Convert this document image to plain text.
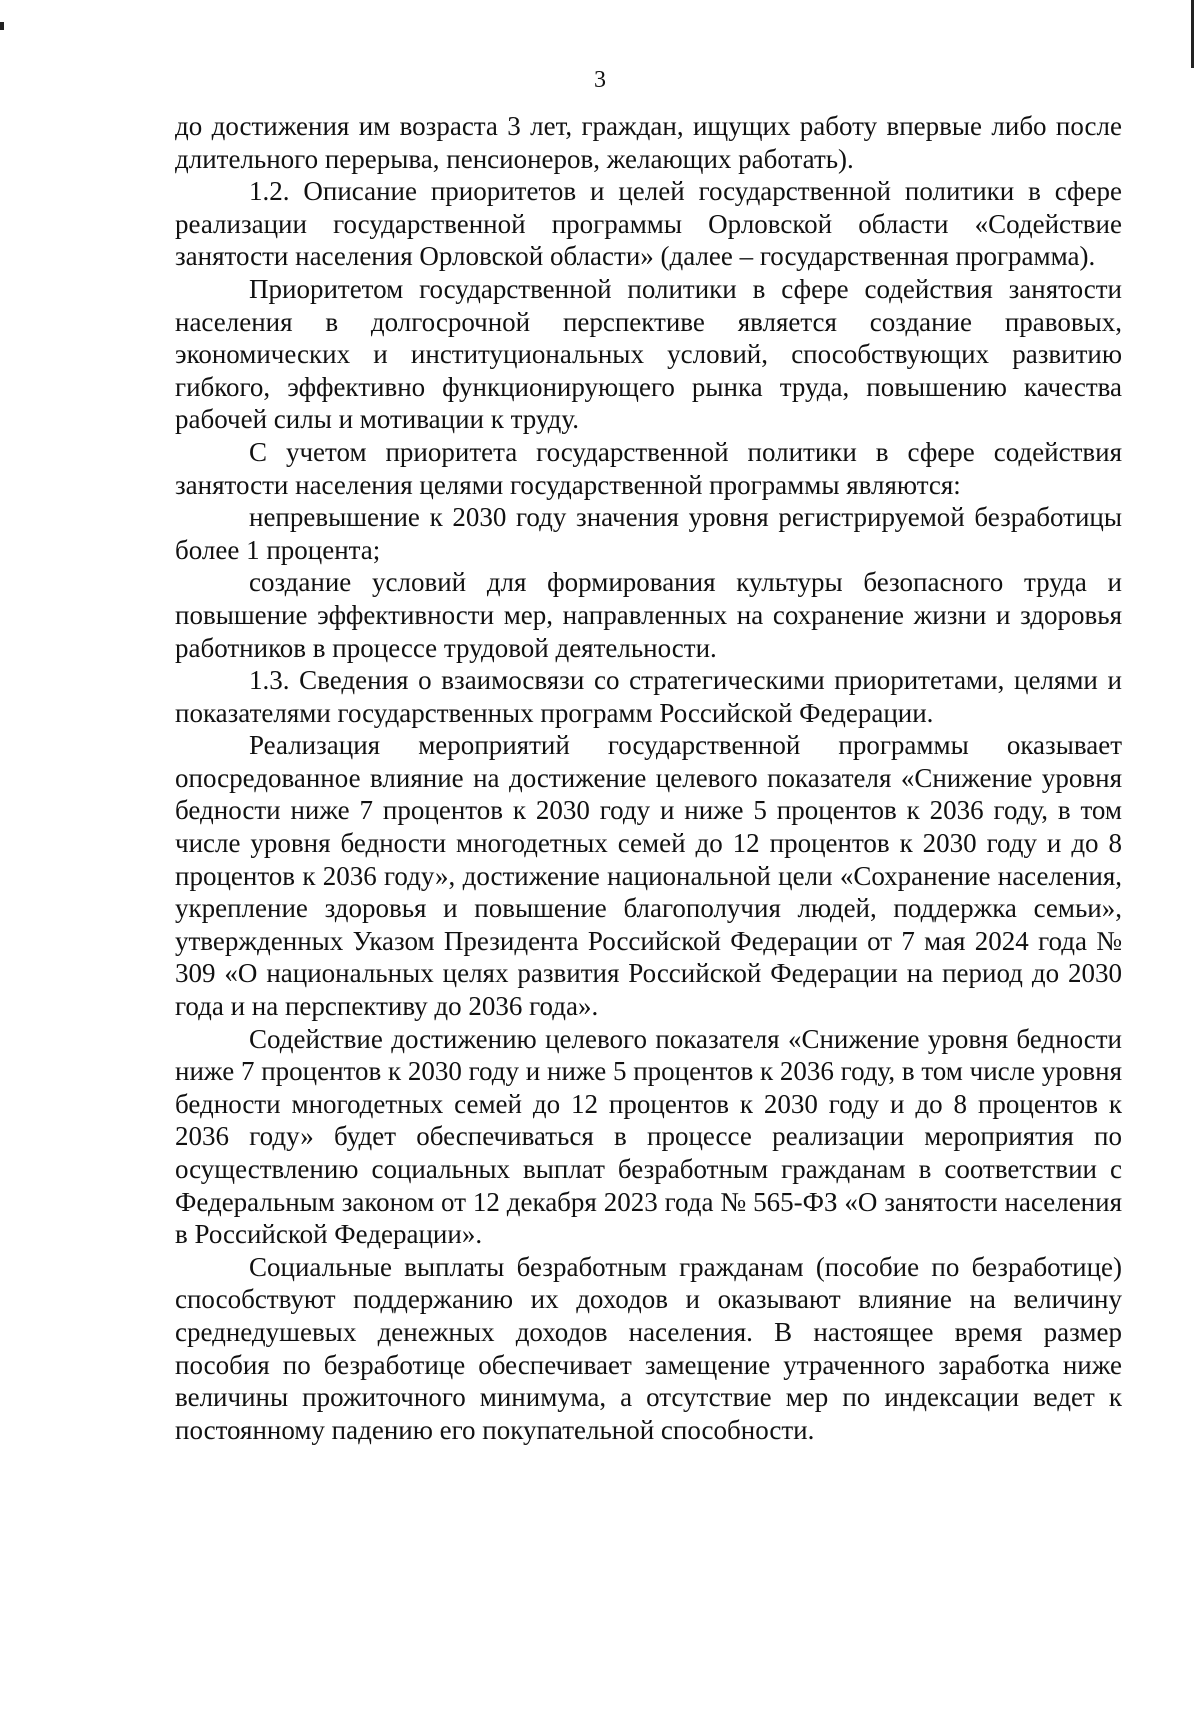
3

до достижения им возраста 3 лет, граждан, ищущих работу впервые либо после длительного перерыва, пенсионеров, желающих работать).

1.2. Описание приоритетов и целей государственной политики в сфере реализации государственной программы Орловской области «Содействие занятости населения Орловской области» (далее – государственная программа).

Приоритетом государственной политики в сфере содействия занятости населения в долгосрочной перспективе является создание правовых, экономических и институциональных условий, способствующих развитию гибкого, эффективно функционирующего рынка труда, повышению качества рабочей силы и мотивации к труду.

С учетом приоритета государственной политики в сфере содействия занятости населения целями государственной программы являются:

непревышение к 2030 году значения уровня регистрируемой безработицы более 1 процента;

создание условий для формирования культуры безопасного труда и повышение эффективности мер, направленных на сохранение жизни и здоровья работников в процессе трудовой деятельности.

1.3. Сведения о взаимосвязи со стратегическими приоритетами, целями и показателями государственных программ Российской Федерации.

Реализация мероприятий государственной программы оказывает опосредованное влияние на достижение целевого показателя «Снижение уровня бедности ниже 7 процентов к 2030 году и ниже 5 процентов к 2036 году, в том числе уровня бедности многодетных семей до 12 процентов к 2030 году и до 8 процентов к 2036 году», достижение национальной цели «Сохранение населения, укрепление здоровья и повышение благополучия людей, поддержка семьи», утвержденных Указом Президента Российской Федерации от 7 мая 2024 года № 309 «О национальных целях развития Российской Федерации на период до 2030 года и на перспективу до 2036 года».

Содействие достижению целевого показателя «Снижение уровня бедности ниже 7 процентов к 2030 году и ниже 5 процентов к 2036 году, в том числе уровня бедности многодетных семей до 12 процентов к 2030 году и до 8 процентов к 2036 году» будет обеспечиваться в процессе реализации мероприятия по осуществлению социальных выплат безработным гражданам в соответствии с Федеральным законом от 12 декабря 2023 года № 565-ФЗ «О занятости населения в Российской Федерации».

Социальные выплаты безработным гражданам (пособие по безработице) способствуют поддержанию их доходов и оказывают влияние на величину среднедушевых денежных доходов населения. В настоящее время размер пособия по безработице обеспечивает замещение утраченного заработка ниже величины прожиточного минимума, а отсутствие мер по индексации ведет к постоянному падению его покупательной способности.
